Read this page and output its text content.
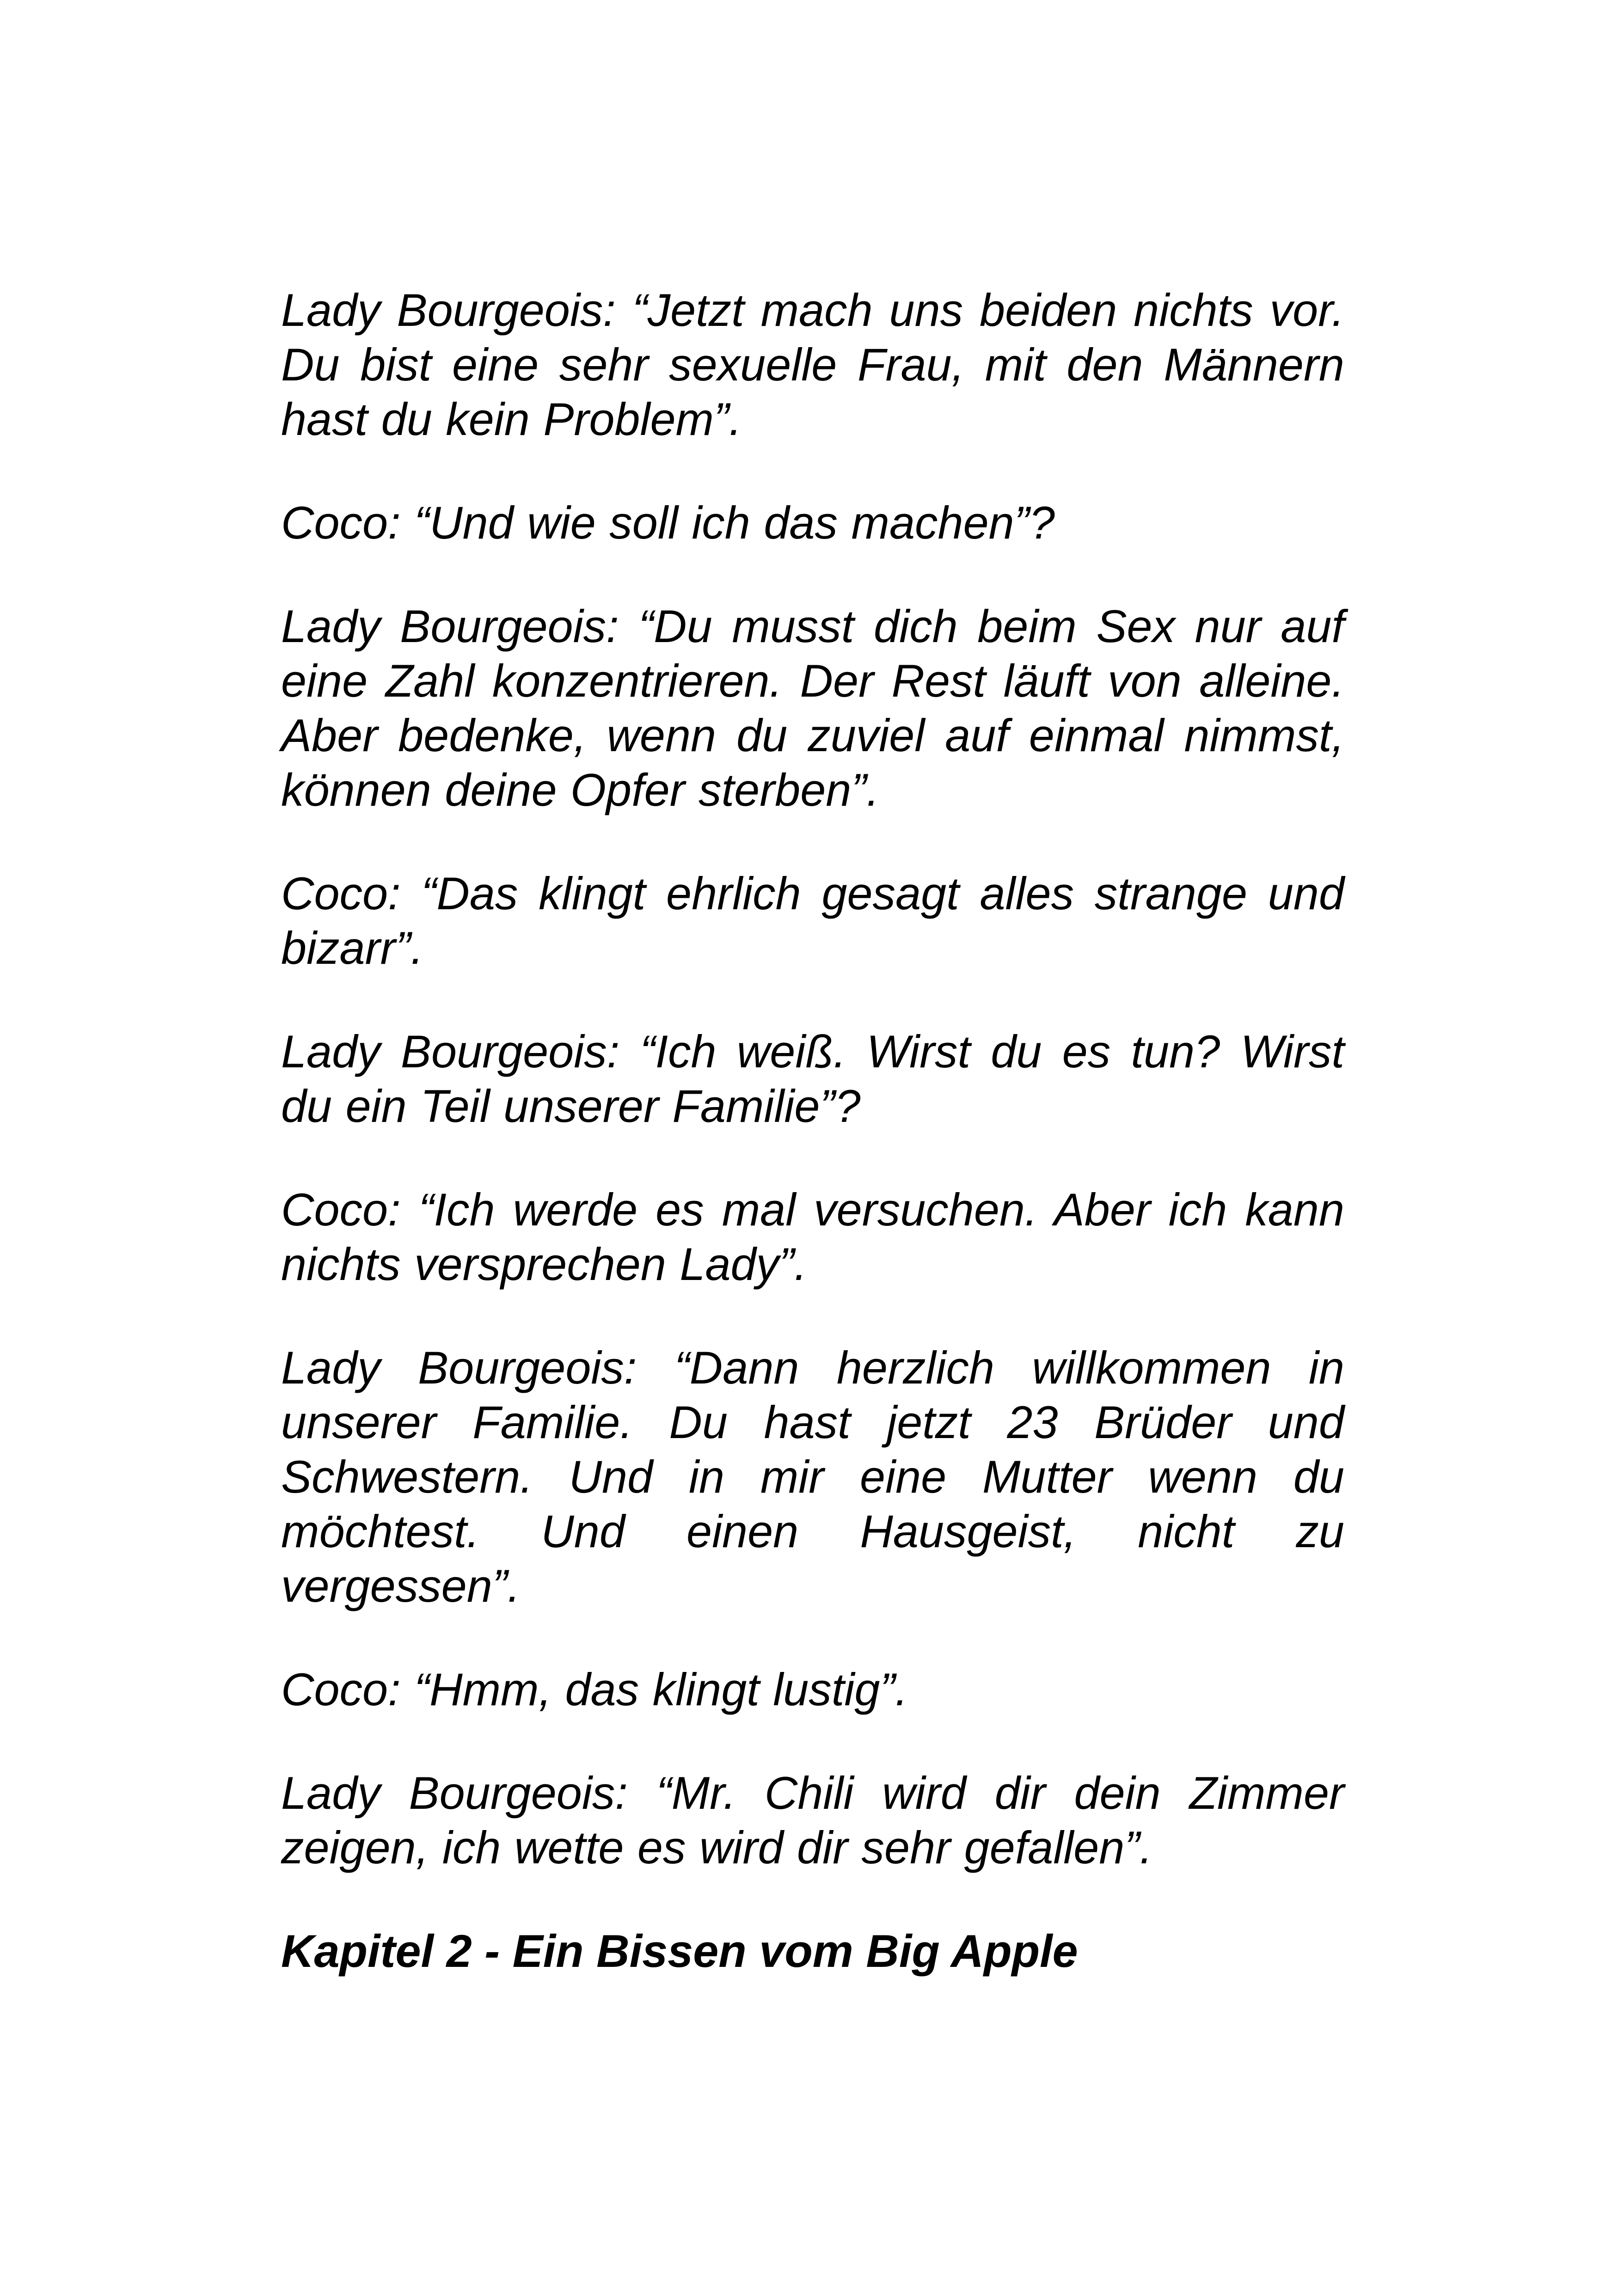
Lady Bourgeois: “Jetzt mach uns beiden nichts vor. Du bist eine sehr sexuelle Frau, mit den Männern hast du kein Problem”.

Coco: “Und wie soll ich das machen”?

Lady Bourgeois: “Du musst dich beim Sex nur auf eine Zahl konzentrieren. Der Rest läuft von alleine. Aber bedenke, wenn du zuviel auf einmal nimmst, können deine Opfer sterben”.

Coco: “Das klingt ehrlich gesagt alles strange und bizarr”.

Lady Bourgeois: “Ich weiß. Wirst du es tun? Wirst du ein Teil unserer Familie”?

Coco: “Ich werde es mal versuchen. Aber ich kann nichts versprechen Lady”.

Lady Bourgeois: “Dann herzlich willkommen in unserer Familie. Du hast jetzt 23 Brüder und Schwestern. Und in mir eine Mutter wenn du möchtest. Und einen Hausgeist, nicht zu vergessen”.

Coco: “Hmm, das klingt lustig”.

Lady Bourgeois: “Mr. Chili wird dir dein Zimmer zeigen, ich wette es wird dir sehr gefallen”.

Kapitel 2 - Ein Bissen vom Big Apple
